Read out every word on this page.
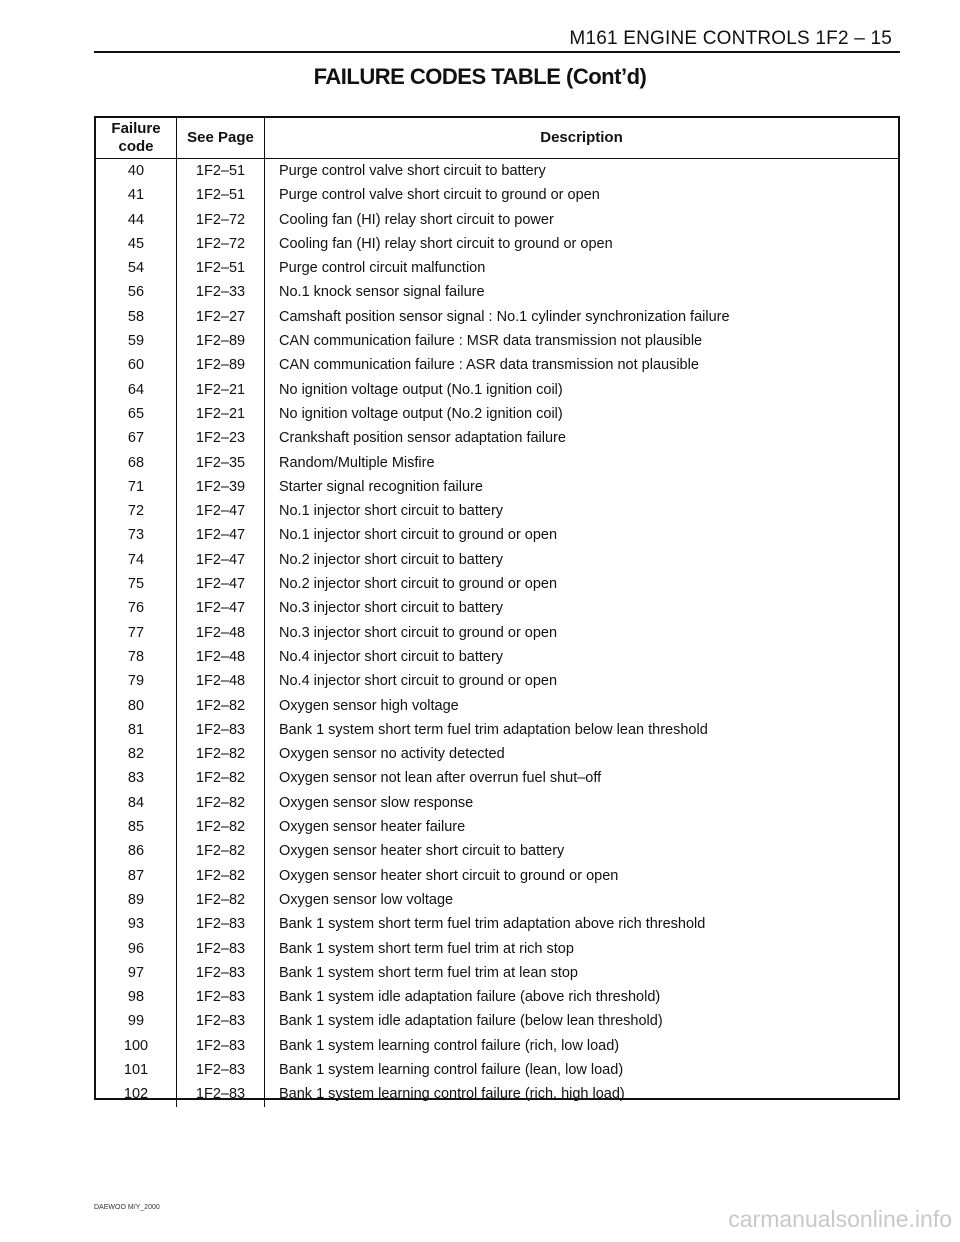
M161 ENGINE CONTROLS 1F2 – 15
FAILURE CODES TABLE (Cont’d)
Failure code	See Page	Description
40	1F2–51	Purge control valve short circuit to battery
41	1F2–51	Purge control valve short circuit to ground or open
44	1F2–72	Cooling fan (HI) relay short circuit to power
45	1F2–72	Cooling fan (HI) relay short circuit to ground or open
54	1F2–51	Purge control circuit malfunction
56	1F2–33	No.1 knock sensor signal failure
58	1F2–27	Camshaft position sensor signal : No.1 cylinder synchronization failure
59	1F2–89	CAN communication failure : MSR data transmission not plausible
60	1F2–89	CAN communication failure : ASR data transmission not plausible
64	1F2–21	No ignition voltage output (No.1 ignition coil)
65	1F2–21	No ignition voltage output (No.2 ignition coil)
67	1F2–23	Crankshaft position sensor adaptation failure
68	1F2–35	Random/Multiple Misfire
71	1F2–39	Starter signal recognition failure
72	1F2–47	No.1 injector short circuit to battery
73	1F2–47	No.1 injector short circuit to ground or open
74	1F2–47	No.2 injector short circuit to battery
75	1F2–47	No.2 injector short circuit to ground or open
76	1F2–47	No.3 injector short circuit to battery
77	1F2–48	No.3 injector short circuit to ground or open
78	1F2–48	No.4 injector short circuit to battery
79	1F2–48	No.4 injector short circuit to ground or open
80	1F2–82	Oxygen sensor high voltage
81	1F2–83	Bank 1 system short term fuel trim adaptation below lean threshold
82	1F2–82	Oxygen sensor no activity detected
83	1F2–82	Oxygen sensor not lean after overrun fuel shut–off
84	1F2–82	Oxygen sensor slow response
85	1F2–82	Oxygen sensor heater failure
86	1F2–82	Oxygen sensor heater short circuit to battery
87	1F2–82	Oxygen sensor heater short circuit to ground or open
89	1F2–82	Oxygen sensor low voltage
93	1F2–83	Bank 1 system short term fuel trim adaptation above rich threshold
96	1F2–83	Bank 1 system short term fuel trim at rich stop
97	1F2–83	Bank 1 system short term fuel trim at lean stop
98	1F2–83	Bank 1 system idle adaptation failure (above rich threshold)
99	1F2–83	Bank 1 system idle adaptation failure (below lean threshold)
100	1F2–83	Bank 1 system learning control failure (rich, low load)
101	1F2–83	Bank 1 system learning control failure (lean, low load)
102	1F2–83	Bank 1 system learning control failure (rich, high load)
DAEWOO M/Y_2000	carmanualsonline.info
